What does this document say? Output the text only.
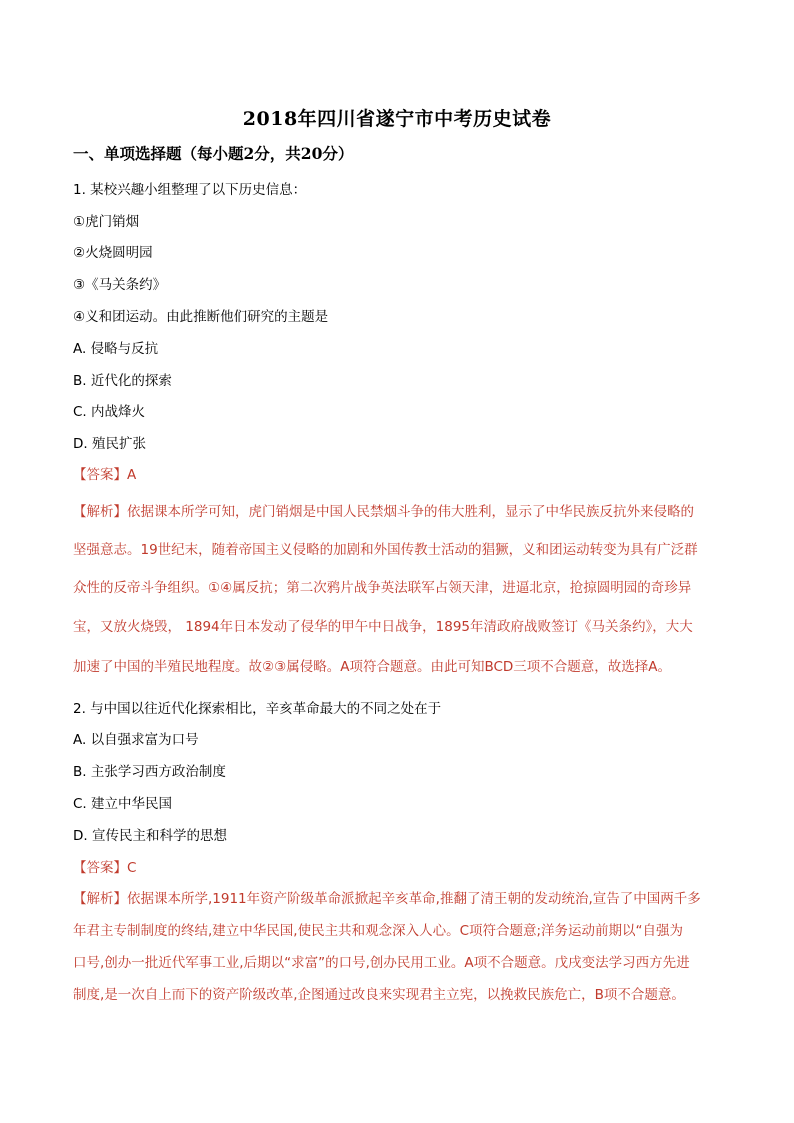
2018年四川省遂宁市中考历史试卷
一、单项选择题（每小题2分，共20分）
1. 某校兴趣小组整理了以下历史信息：
①虎门销烟
②火烧圆明园
③《马关条约》
④义和团运动。由此推断他们研究的主题是
A. 侵略与反抗
B. 近代化的探索
C. 内战烽火
D. 殖民扩张
【答案】A
【解析】依据课本所学可知，虎门销烟是中国人民禁烟斗争的伟大胜利，显示了中华民族反抗外来侵略的
坚强意志。19世纪末，随着帝国主义侵略的加剧和外国传教士活动的猖獗，义和团运动转变为具有广泛群
众性的反帝斗争组织。①④属反抗；第二次鸦片战争英法联军占领天津，进逼北京，抢掠圆明园的奇珍异
宝，又放火烧毁， 1894年日本发动了侵华的甲午中日战争，1895年清政府战败签订《马关条约》，大大
加速了中国的半殖民地程度。故②③属侵略。A项符合题意。由此可知BCD三项不合题意，故选择A。
2. 与中国以往近代化探索相比，辛亥革命最大的不同之处在于
A. 以自强求富为口号
B. 主张学习西方政治制度
C. 建立中华民国
D. 宣传民主和科学的思想
【答案】C
【解析】依据课本所学,1911年资产阶级革命派掀起辛亥革命,推翻了清王朝的发动统治,宣告了中国两千多
年君主专制制度的终结,建立中华民国,使民主共和观念深入人心。C项符合题意;洋务运动前期以“自强为
口号,创办一批近代军事工业,后期以“求富”的口号,创办民用工业。A项不合题意。戊戌变法学习西方先进
制度,是一次自上而下的资产阶级改革,企图通过改良来实现君主立宪，以挽救民族危亡，B项不合题意。
